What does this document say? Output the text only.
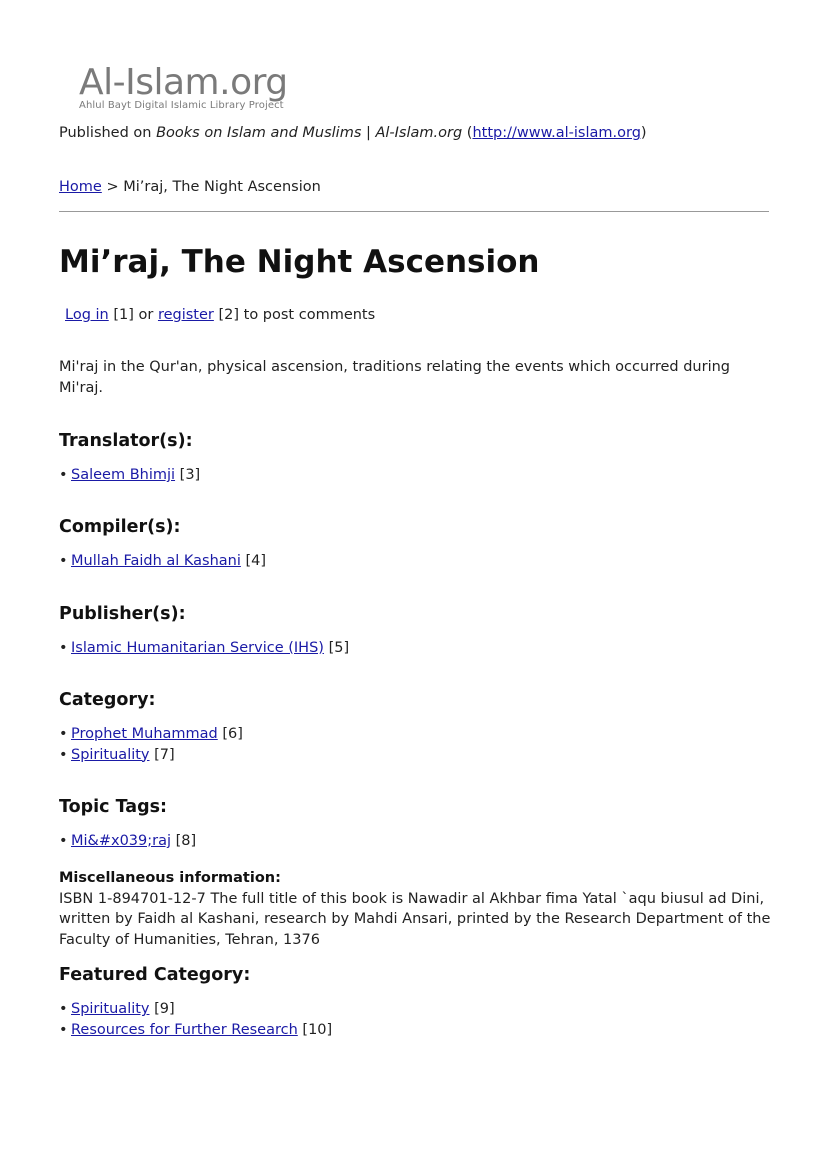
Al-Islam.org
Ahlul Bayt Digital Islamic Library Project
Published on Books on Islam and Muslims | Al-Islam.org (http://www.al-islam.org)
Home > Mi’raj, The Night Ascension
Mi’raj, The Night Ascension
Log in [1] or register [2] to post comments
Mi'raj in the Qur'an, physical ascension, traditions relating the events which occurred during Mi'raj.
Translator(s):
• Saleem Bhimji [3]
Compiler(s):
• Mullah Faidh al Kashani [4]
Publisher(s):
• Islamic Humanitarian Service (IHS) [5]
Category:
• Prophet Muhammad [6]
• Spirituality [7]
Topic Tags:
• Mi&#x039;raj [8]
Miscellaneous information:
ISBN 1-894701-12-7 The full title of this book is Nawadir al Akhbar fima Yatal `aqu biusul ad Dini, written by Faidh al Kashani, research by Mahdi Ansari, printed by the Research Department of the Faculty of Humanities, Tehran, 1376
Featured Category:
• Spirituality [9]
• Resources for Further Research [10]
